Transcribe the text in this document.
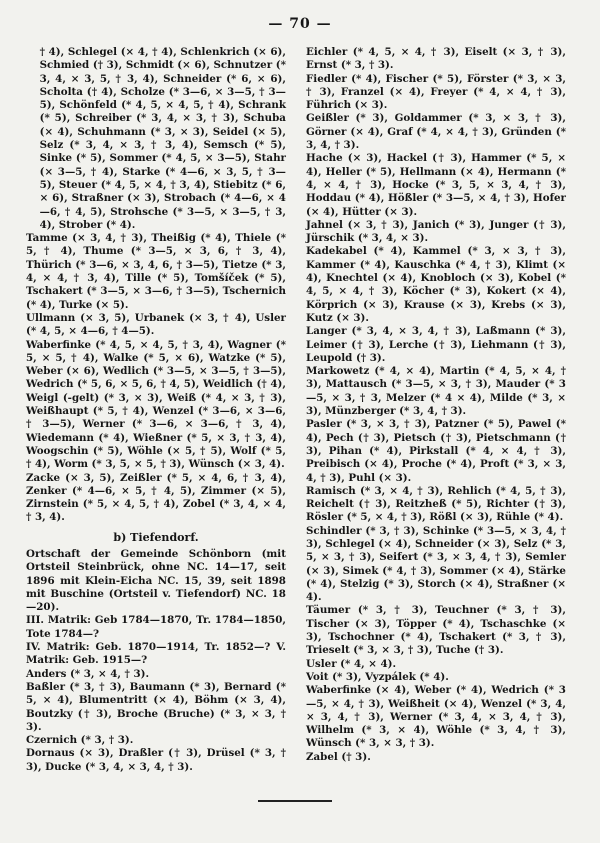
— 70 —

† 4), Schlegel (× 4, † 4), Schlenkrich (× 6), Schmied († 3), Schmidt (× 6), Schnutzer (* 3, 4, × 3, 5, † 3, 4), Schneider (* 6, × 6), Scholta († 4), Scholze (* 3—6, × 3—5, † 3—5), Schönfeld (* 4, 5, × 4, 5, † 4), Schrank (* 5), Schreiber (* 3, 4, × 3, † 3), Schuba (× 4), Schuhmann (* 3, × 3), Seidel (× 5), Selz (* 3, 4, × 3, † 3, 4), Semsch (* 5), Sinke (* 5), Sommer (* 4, 5, × 3—5), Stahr (× 3—5, † 4), Starke (* 4—6, × 3, 5, † 3—5), Steuer (* 4, 5, × 4, † 3, 4), Stiebitz (* 6, × 6), Straßner (× 3), Strobach (* 4—6, × 4—6, † 4, 5), Strohsche (* 3—5, × 3—5, † 3, 4), Strober (* 4).

Tamme (× 3, 4, † 3), Theißig (* 4), Thiele (* 5, † 4), Thume (* 3—5, × 3, 6, † 3, 4), Thürich (* 3—6, × 3, 4, 6, † 3—5), Tietze (* 3, 4, × 4, † 3, 4), Tille (* 5), Tomšíček (* 5), Tschakert (* 3—5, × 3—6, † 3—5), Tschernich (* 4), Turke (× 5).

Ullmann (× 3, 5), Urbanek (× 3, † 4), Usler (* 4, 5, × 4—6, † 4—5).

Waberfinke (* 4, 5, × 4, 5, † 3, 4), Wagner (* 5, × 5, † 4), Walke (* 5, × 6), Watzke (* 5), Weber (× 6), Wedlich (* 3—5, × 3—5, † 3—5), Wedrich (* 5, 6, × 5, 6, † 4, 5), Weidlich († 4), Weigl (-gelt) (* 3, × 3), Weiß (* 4, × 3, † 3), Weißhaupt (* 5, † 4), Wenzel (* 3—6, × 3—6, † 3—5), Werner (* 3—6, × 3—6, † 3, 4), Wiedemann (* 4), Wießner (* 5, × 3, † 3, 4), Woogschin (* 5), Wöhle (× 5, † 5), Wolf (* 5, † 4), Worm (* 3, 5, × 5, † 3), Wünsch (× 3, 4).

Zacke (× 3, 5), Zeißler (* 5, × 4, 6, † 3, 4), Zenker (* 4—6, × 5, † 4, 5), Zimmer (× 5), Zirnstein (* 5, × 4, 5, † 4), Zobel (* 3, 4, × 4, † 3, 4).

b) Tiefendorf.

Ortschaft der Gemeinde Schönborn (mit Ortsteil Steinbrück, ohne NC. 14—17, seit 1896 mit Klein-Eicha NC. 15, 39, seit 1898 mit Buschine (Ortsteil v. Tiefendorf) NC. 18—20).

III. Matrik: Geb 1784—1870, Tr. 1784—1850, Tote 1784—?

IV. Matrik: Geb. 1870—1914, Tr. 1852—? V. Matrik: Geb. 1915—?

Anders (* 3, × 4, † 3).

Baßler (* 3, † 3), Baumann (* 3), Bernard (* 5, × 4), Blumentritt (× 4), Böhm (× 3, 4), Boutzky († 3), Broche (Bruche) (* 3, × 3, † 3).

Czernich (* 3, † 3).

Dornaus (× 3), Draßler († 3), Drüsel (* 3, † 3), Ducke (* 3, 4, × 3, 4, † 3).

Eichler (* 4, 5, × 4, † 3), Eiselt (× 3, † 3), Ernst (* 3, † 3).

Fiedler (* 4), Fischer (* 5), Förster (* 3, × 3, † 3), Franzel (× 4), Freyer (* 4, × 4, † 3), Führich (× 3).

Geißler (* 3), Goldammer (* 3, × 3, † 3), Görner (× 4), Graf (* 4, × 4, † 3), Gründen (* 3, 4, † 3).

Hache (× 3), Hackel († 3), Hammer (* 5, × 4), Heller (* 5), Hellmann (× 4), Hermann (* 4, × 4, † 3), Hocke (* 3, 5, × 3, 4, † 3), Hoddau (* 4), Hößler (* 3—5, × 4, † 3), Hofer (× 4), Hütter (× 3).

Jahnel (× 3, † 3), Janich (* 3), Junger († 3), Jürschik (* 3, 4, × 3).

Kadekabel (* 4), Kammel (* 3, × 3, † 3), Kammer (* 4), Kauschka (* 4, † 3), Klimt (× 4), Knechtel (× 4), Knobloch (× 3), Kobel (* 4, 5, × 4, † 3), Köcher (* 3), Kokert (× 4), Körprich (× 3), Krause (× 3), Krebs (× 3), Kutz (× 3).

Langer (* 3, 4, × 3, 4, † 3), Laßmann (* 3), Leimer († 3), Lerche († 3), Liehmann († 3), Leupold († 3).

Markowetz (* 4, × 4), Martin (* 4, 5, × 4, † 3), Mattausch (* 3—5, × 3, † 3), Mauder (* 3—5, × 3, † 3, Melzer (* 4 × 4), Milde (* 3, × 3), Münzberger (* 3, 4, † 3).

Pasler (* 3, × 3, † 3), Patzner (* 5), Pawel (* 4), Pech († 3), Pietsch († 3), Pietschmann († 3), Pihan (* 4), Pirkstall (* 4, × 4, † 3), Preibisch (× 4), Proche (* 4), Proft (* 3, × 3, 4, † 3), Puhl (× 3).

Ramisch (* 3, × 4, † 3), Rehlich (* 4, 5, † 3), Reichelt († 3), Reitzheß (* 5), Richter († 3), Rösler (* 5, × 4, † 3), Rößl (× 3), Rühle (* 4).

Schindler (* 3, † 3), Schinke (* 3—5, × 3, 4, † 3), Schlegel (× 4), Schneider (× 3), Selz (* 3, 5, × 3, † 3), Seifert (* 3, × 3, 4, † 3), Semler (× 3), Simek (* 4, † 3), Sommer (× 4), Stärke (* 4), Stelzig (* 3), Storch (× 4), Straßner (× 4).

Täumer (* 3, † 3), Teuchner (* 3, † 3), Tischer (× 3), Töpper (* 4), Tschaschke (× 3), Tschochner (* 4), Tschakert (* 3, † 3), Trieselt (* 3, × 3, † 3), Tuche († 3).

Usler (* 4, × 4).

Voit (* 3), Vyzpálek (* 4).

Waberfinke (× 4), Weber (* 4), Wedrich (* 3—5, × 4, † 3), Weißheit (× 4), Wenzel (* 3, 4, × 3, 4, † 3), Werner (* 3, 4, × 3, 4, † 3), Wilhelm (* 3, × 4), Wöhle (* 3, 4, † 3), Wünsch (* 3, × 3, † 3).

Zabel († 3).
